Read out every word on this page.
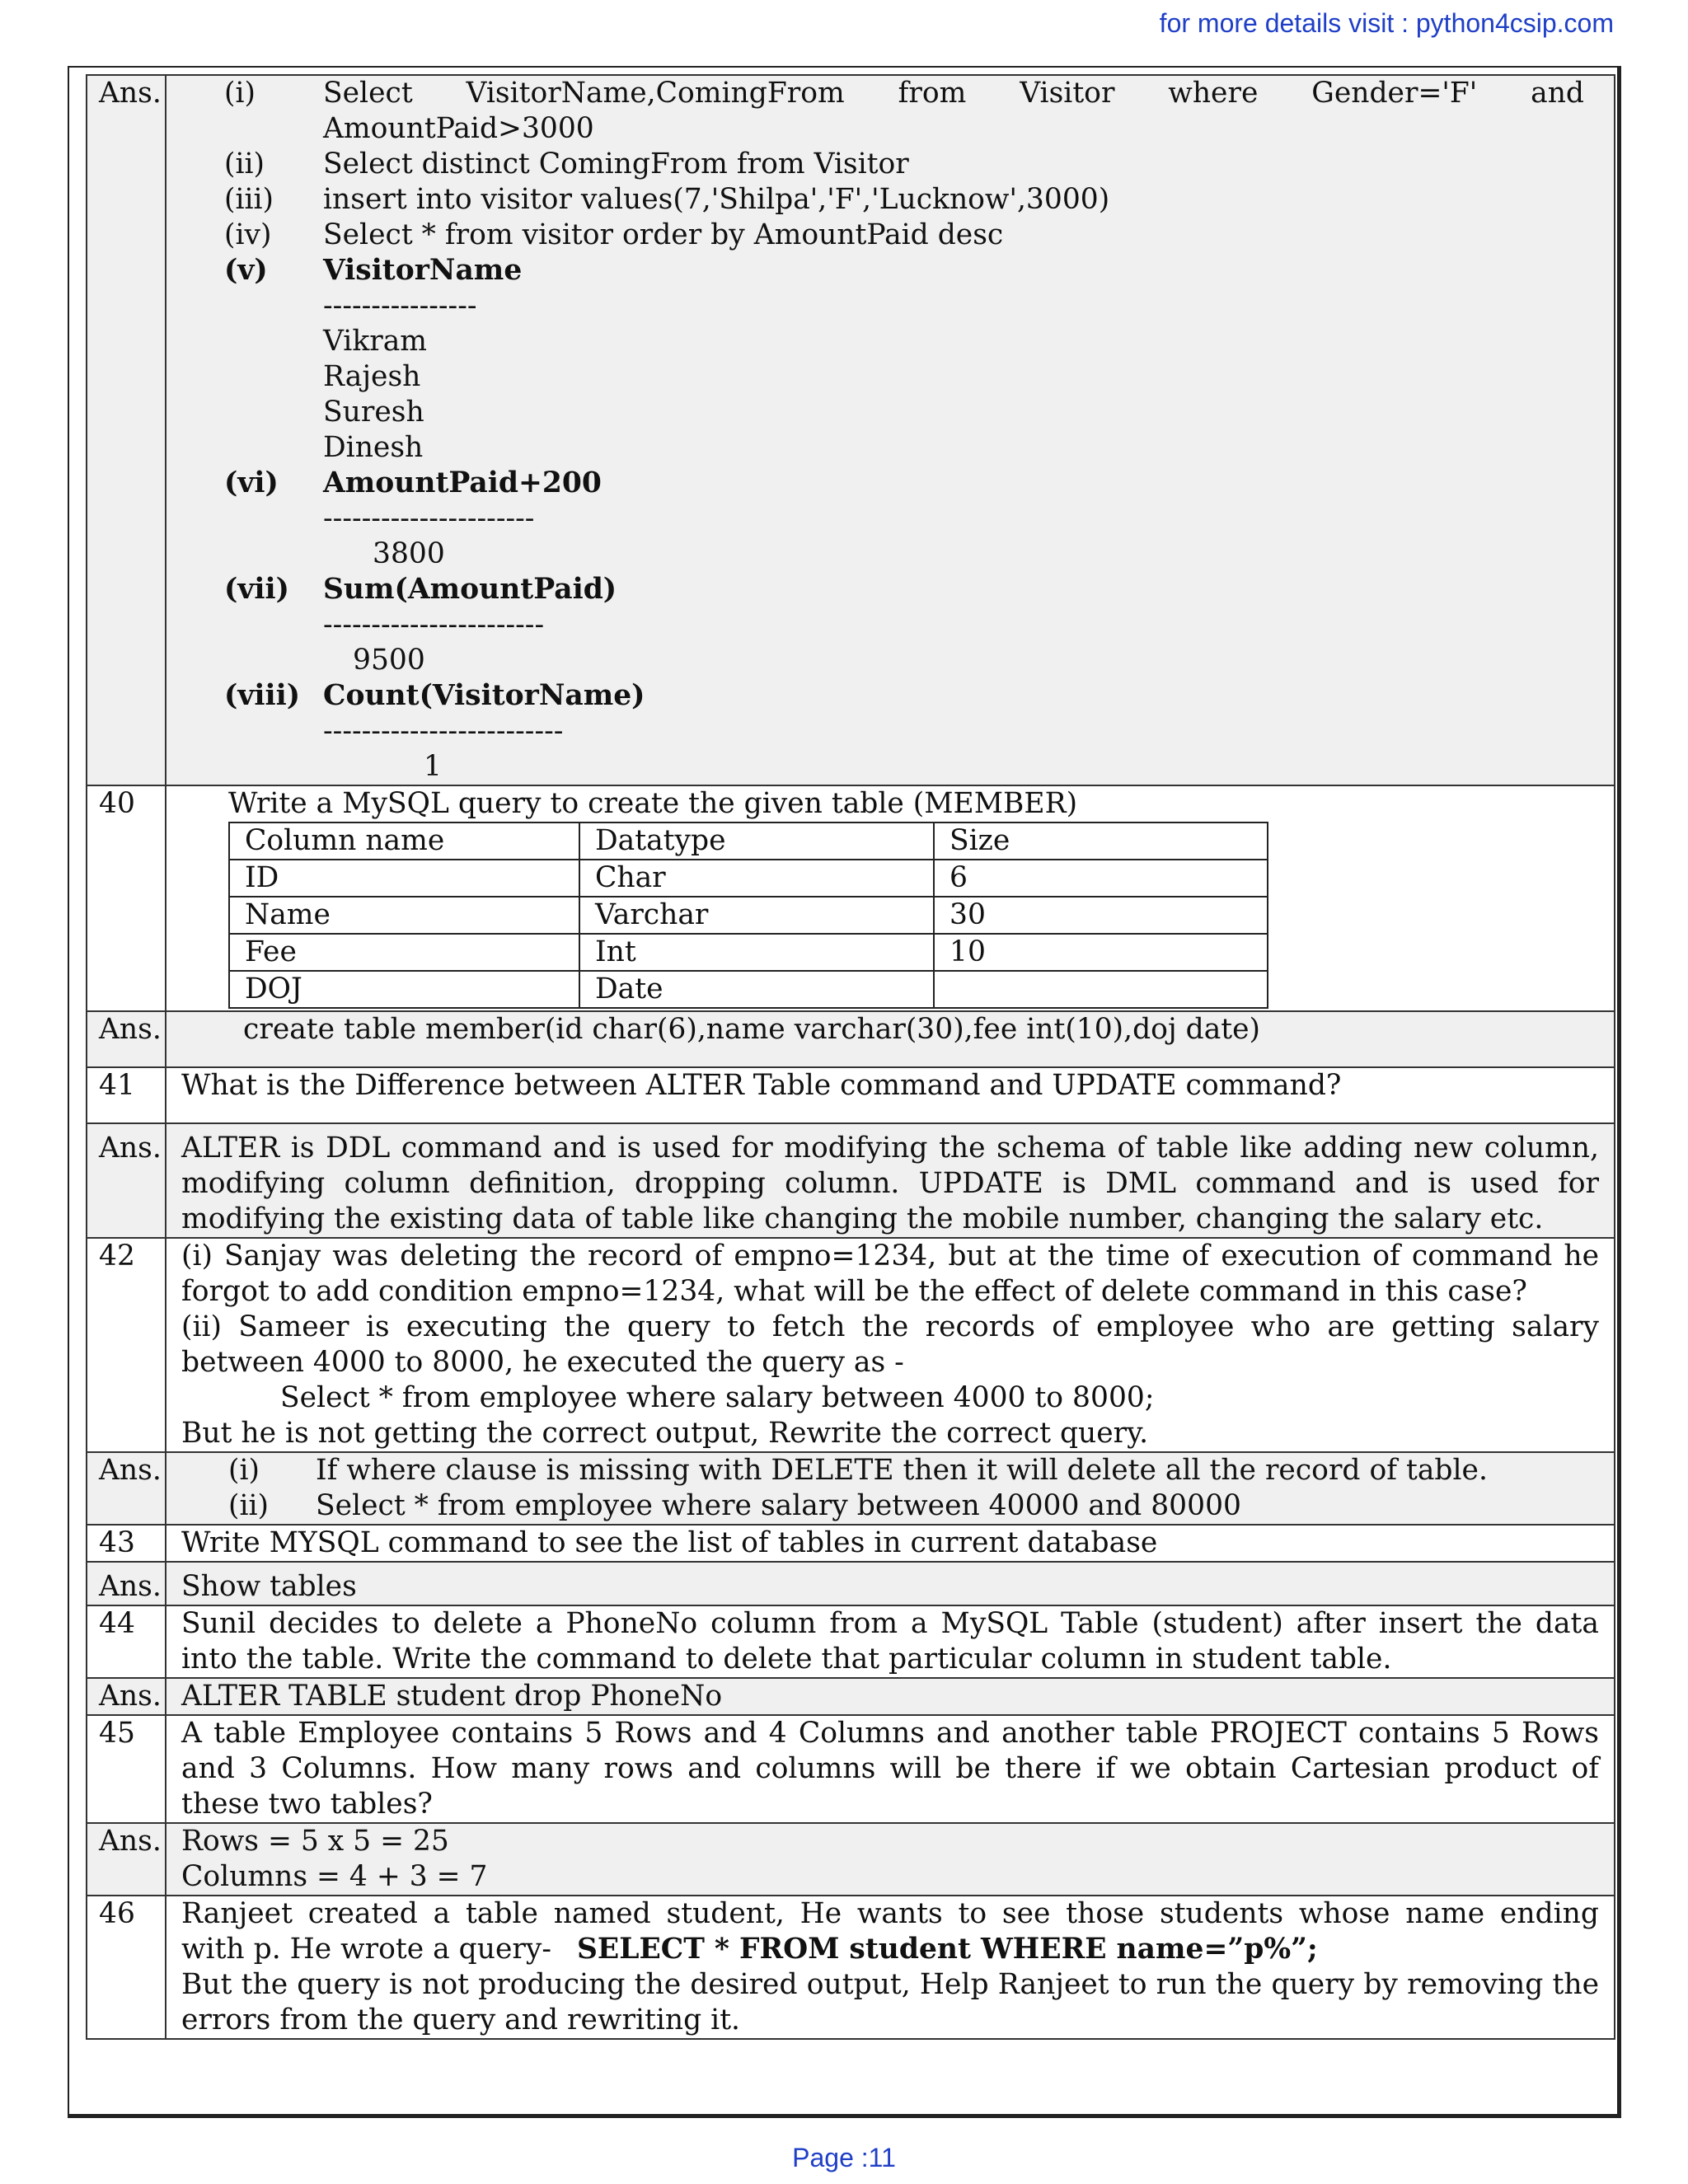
for more details visit : python4csip.com
Ans.	(i)	Select VisitorName,ComingFrom from Visitor where Gender='F' and
AmountPaid>3000
(ii)	Select distinct ComingFrom from Visitor
(iii)	insert into visitor values(7,'Shilpa','F','Lucknow',3000)
(iv)	Select * from visitor order by AmountPaid desc
(v)	VisitorName
----------------
Vikram
Rajesh
Suresh
Dinesh
(vi)	AmountPaid+200
----------------------
3800
(vii)	Sum(AmountPaid)
-----------------------
9500
(viii) Count(VisitorName)
-------------------------
1

40	Write a MySQL query to create the given table (MEMBER)
Column name	Datatype	Size
ID	Char	6
Name	Varchar	30
Fee	Int	10
DOJ	Date	

Ans.	create table member(id char(6),name varchar(30),fee int(10),doj date)
41	What is the Difference between ALTER Table command and UPDATE command?
Ans.	ALTER is DDL command and is used for modifying the schema of table like adding new column, modifying column definition, dropping column. UPDATE is DML command and is used for modifying the existing data of table like changing the mobile number, changing the salary etc.
42	(i) Sanjay was deleting the record of empno=1234, but at the time of execution of command he forgot to add condition empno=1234, what will be the effect of delete command in this case?
(ii) Sameer is executing the query to fetch the records of employee who are getting salary between 4000 to 8000, he executed the query as -
Select * from employee where salary between 4000 to 8000;
But he is not getting the correct output, Rewrite the correct query.

Ans.	(i)	If where clause is missing with DELETE then it will delete all the record of table.
(ii)	Select * from employee where salary between 40000 and 80000

43	Write MYSQL command to see the list of tables in current database
Ans.	Show tables
44	Sunil decides to delete a PhoneNo column from a MySQL Table (student) after insert the data into the table. Write the command to delete that particular column in student table.
Ans.	ALTER TABLE student drop PhoneNo
45	A table Employee contains 5 Rows and 4 Columns and another table PROJECT contains 5 Rows and 3 Columns. How many rows and columns will be there if we obtain Cartesian product of these two tables?
Ans.	Rows = 5 x 5 = 25
Columns = 4 + 3 = 7

46	Ranjeet created a table named student, He wants to see those students whose name ending
with p. He wrote a query- SELECT * FROM student WHERE name=”p%”;
But the query is not producing the desired output, Help Ranjeet to run the query by removing the errors from the query and rewriting it.
Page :11
